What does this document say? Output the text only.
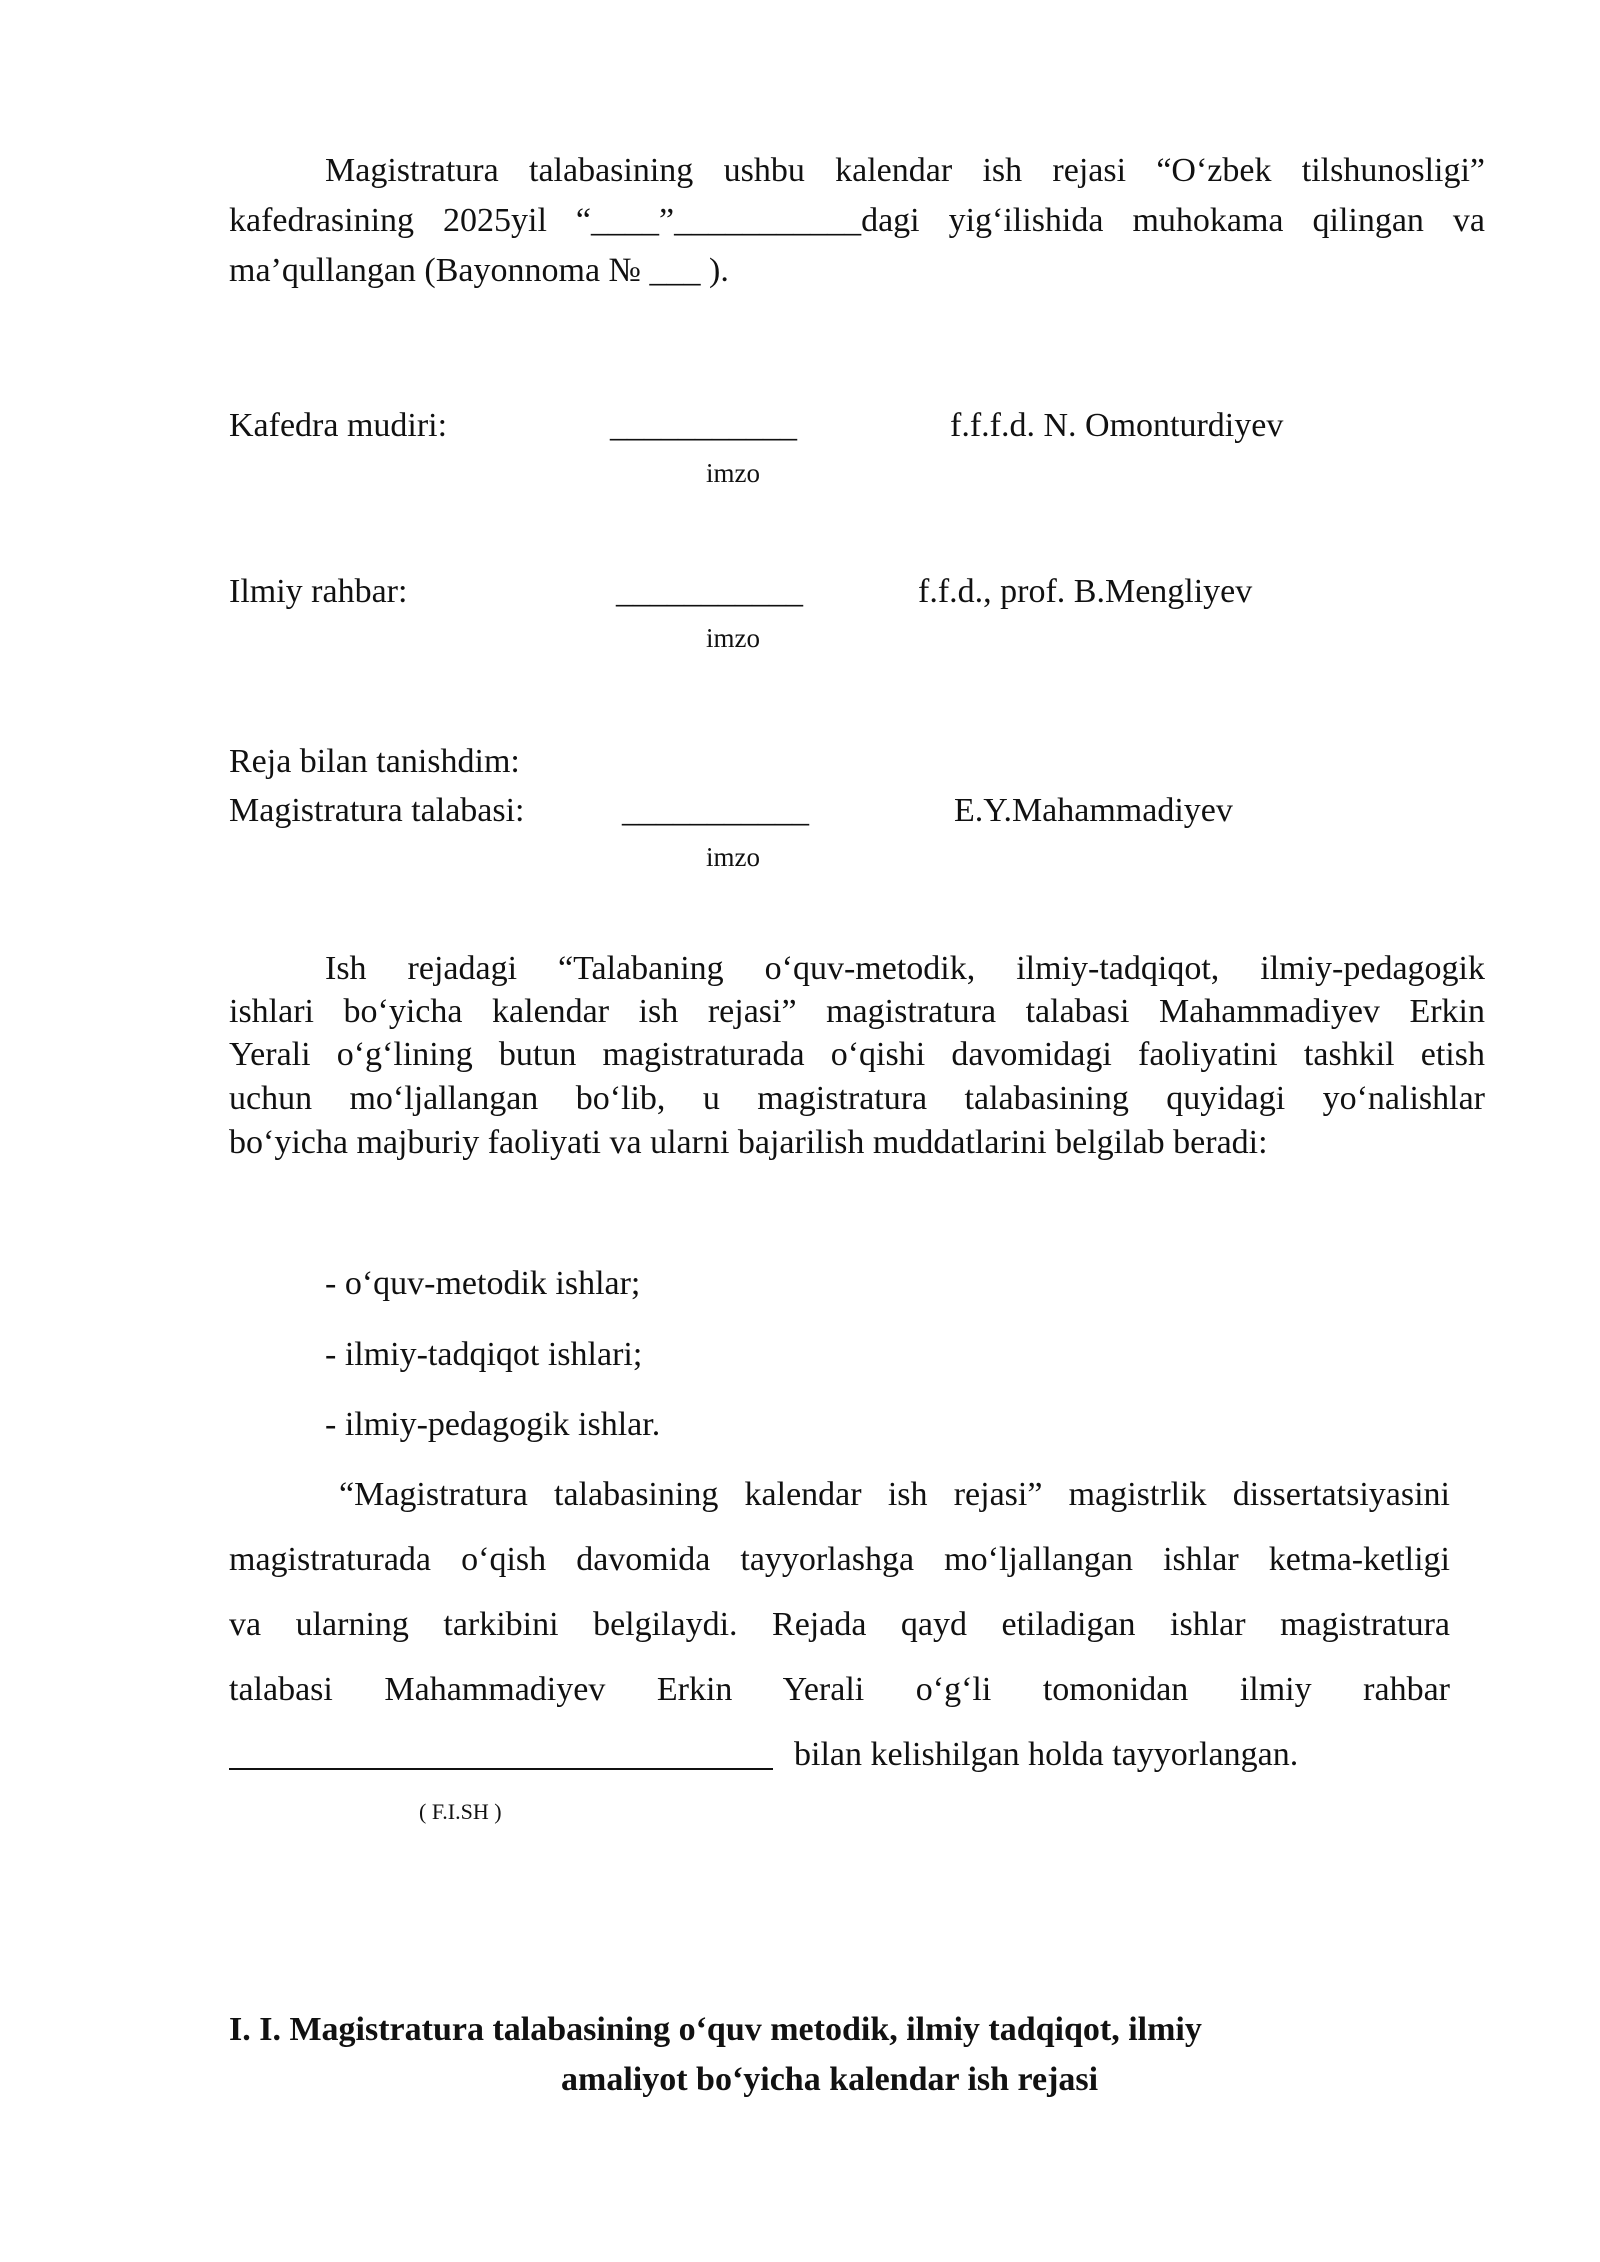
Magistratura talabasining ushbu kalendar ish rejasi “O‘zbek tilshunosligi”
kafedrasining 2025yil “____”___________dagi yig‘ilishida muhokama qilingan va
ma’qullangan (Bayonnoma № ___ ).
Kafedra mudiri:	___________	f.f.f.d. N. Omonturdiyev
imzo
Ilmiy rahbar:	___________	f.f.d., prof. B.Mengliyev
imzo
Reja bilan tanishdim:
Magistratura talabasi:	___________	E.Y.Mahammadiyev
imzo
Ish rejadagi “Talabaning o‘quv-metodik, ilmiy-tadqiqot, ilmiy-pedagogik
ishlari bo‘yicha kalendar ish rejasi” magistratura talabasi Mahammadiyev Erkin
Yerali o‘g‘lining butun magistraturada o‘qishi davomidagi faoliyatini tashkil etish
uchun mo‘ljallangan bo‘lib, u magistratura talabasining quyidagi yo‘nalishlar
bo‘yicha majburiy faoliyati va ularni bajarilish muddatlarini belgilab beradi:
- o‘quv-metodik ishlar;
- ilmiy-tadqiqot ishlari;
- ilmiy-pedagogik ishlar.
“Magistratura talabasining kalendar ish rejasi” magistrlik dissertatsiyasini
magistraturada o‘qish davomida tayyorlashga mo‘ljallangan ishlar ketma-ketligi
va ularning tarkibini belgilaydi. Rejada qayd etiladigan ishlar magistratura
talabasi Mahammadiyev Erkin Yerali o‘g‘li tomonidan ilmiy rahbar
bilan kelishilgan holda tayyorlangan.
( F.I.SH )
I. I. Magistratura talabasining o‘quv metodik, ilmiy tadqiqot, ilmiy
amaliyot bo‘yicha kalendar ish rejasi
